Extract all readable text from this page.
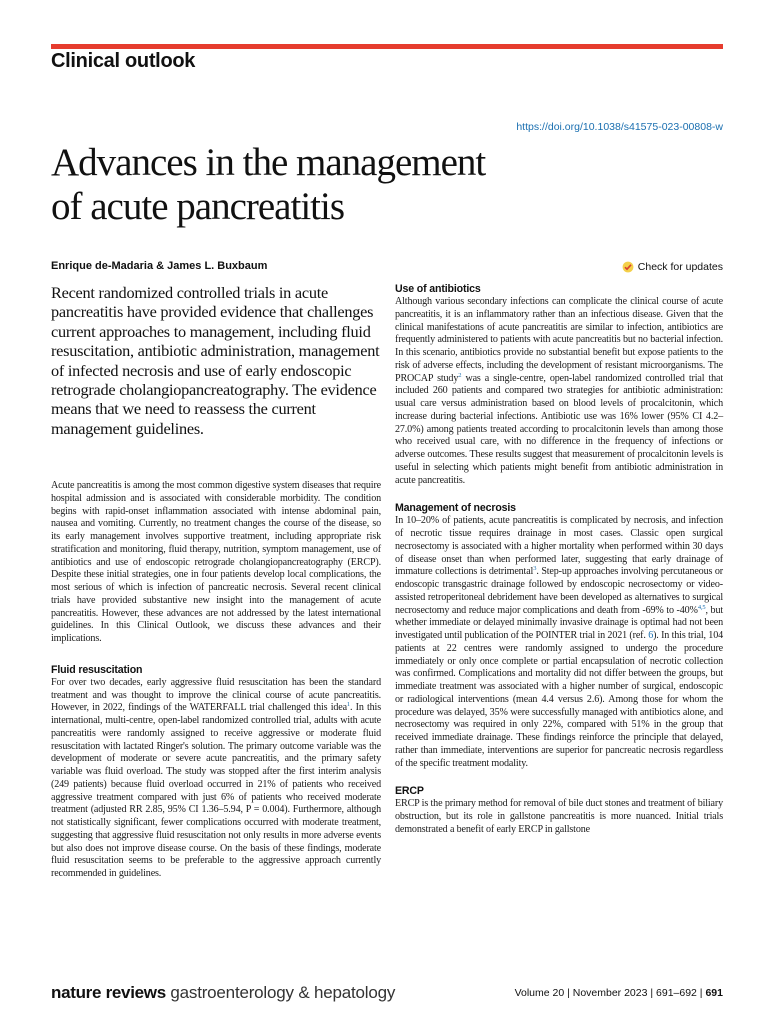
Clinical outlook
https://doi.org/10.1038/s41575-023-00808-w
Advances in the management
of acute pancreatitis
Enrique de-Madaria & James L. Buxbaum	Check for updates

Recent randomized controlled trials in acute pancreatitis have provided evidence that challenges current approaches to management, including fluid resuscitation, antibiotic administration, management of infected necrosis and use of early endoscopic retrograde cholangiopancreatography. The evidence means that we need to reassess the current management guidelines.

Acute pancreatitis is among the most common digestive system diseases that require hospital admission and is associated with considerable morbidity. The condition begins with rapid-onset inflammation associated with intense abdominal pain, nausea and vomiting. Currently, no treatment changes the course of the disease, so its early management involves supportive treatment, including appropriate risk stratification and monitoring, fluid therapy, nutrition, symptom management, use of antibiotics and use of endoscopic retrograde cholangiopancreatography (ERCP). Despite these initial strategies, one in four patients develop local complications, the most serious of which is infection of pancreatic necrosis. Several recent clinical trials have provided substantive new insight into the management of acute pancreatitis. However, these advances are not addressed by the latest international guidelines. In this Clinical Outlook, we discuss these advances and their implications.

Fluid resuscitation

For over two decades, early aggressive fluid resuscitation has been the standard treatment and was thought to improve the clinical course of acute pancreatitis. However, in 2022, findings of the WATERFALL trial challenged this idea$^1$. In this international, multi-centre, open-label randomized controlled trial, adults with acute pancreatitis were randomly assigned to receive aggressive or moderate fluid resuscitation with lactated Ringer's solution. The primary outcome variable was the development of moderate or severe acute pancreatitis, and the primary safety variable was fluid overload. The study was stopped after the first interim analysis (249 patients) because fluid overload occurred in 21% of patients who received aggressive treatment compared with just 6% of patients who received moderate treatment (adjusted RR 2.85, 95% CI 1.36–5.94, P = 0.004). Furthermore, although not statistically significant, fewer complications occurred with moderate treatment, suggesting that aggressive fluid resuscitation not only results in more adverse events but also does not improve disease course. On the basis of these findings, moderate fluid resuscitation seems to be preferable to the aggressive approach currently recommended in guidelines.

Use of antibiotics

Although various secondary infections can complicate the clinical course of acute pancreatitis, it is an inflammatory rather than an infectious disease. Given that the clinical manifestations of acute pancreatitis are similar to infection, antibiotics are frequently administered to patients with acute pancreatitis but no bacterial infection. In this scenario, antibiotics provide no substantial benefit but expose patients to the risk of adverse effects, including the development of resistant microorganisms. The PROCAP study$^2$ was a single-centre, open-label randomized controlled trial that included 260 patients and compared two strategies for antibiotic administration: usual care versus administration based on blood levels of procalcitonin, which increase during bacterial infections. Antibiotic use was 16% lower (95% CI 4.2–27.0%) among patients treated according to procalcitonin levels than among those who received usual care, with no difference in the frequency of infections or adverse outcomes. These results suggest that measurement of procalcitonin levels is useful in selecting which patients might benefit from antibiotic administration in acute pancreatitis.

Management of necrosis

In 10–20% of patients, acute pancreatitis is complicated by necrosis, and infection of necrotic tissue requires drainage in most cases. Classic open surgical necrosectomy is associated with a higher mortality when performed within 30 days of disease onset than when performed later, suggesting that early drainage of immature collections is detrimental$^3$. Step-up approaches involving percutaneous or endoscopic transgastric drainage followed by endoscopic necrosectomy or video-assisted retroperitoneal debridement have been developed as alternatives to surgical necrosectomy and reduce major complications and death from -69% to -40%$^{4,5}$, but whether immediate or delayed minimally invasive drainage is optimal had not been investigated until publication of the POINTER trial in 2021 (ref. 6). In this trial, 104 patients at 22 centres were randomly assigned to undergo the procedure immediately or only once complete or partial encapsulation of necrotic collection was confirmed. Complications and mortality did not differ between the groups, but immediate treatment was associated with a higher number of surgical, endoscopic or radiological interventions (mean 4.4 versus 2.6). Among those for whom the procedure was delayed, 35% were successfully managed with antibiotics alone, and necrosectomy was required in only 22%, compared with 51% in the group that received immediate drainage. These findings reinforce the principle that delayed, rather than immediate, interventions are superior for pancreatic necrosis regardless of the specific treatment modality.

ERCP

ERCP is the primary method for removal of bile duct stones and treatment of biliary obstruction, but its role in gallstone pancreatitis is more nuanced. Initial trials demonstrated a benefit of early ERCP in gallstone

nature reviews gastroenterology & hepatology	Volume 20 | November 2023 | 691–692 | 691
